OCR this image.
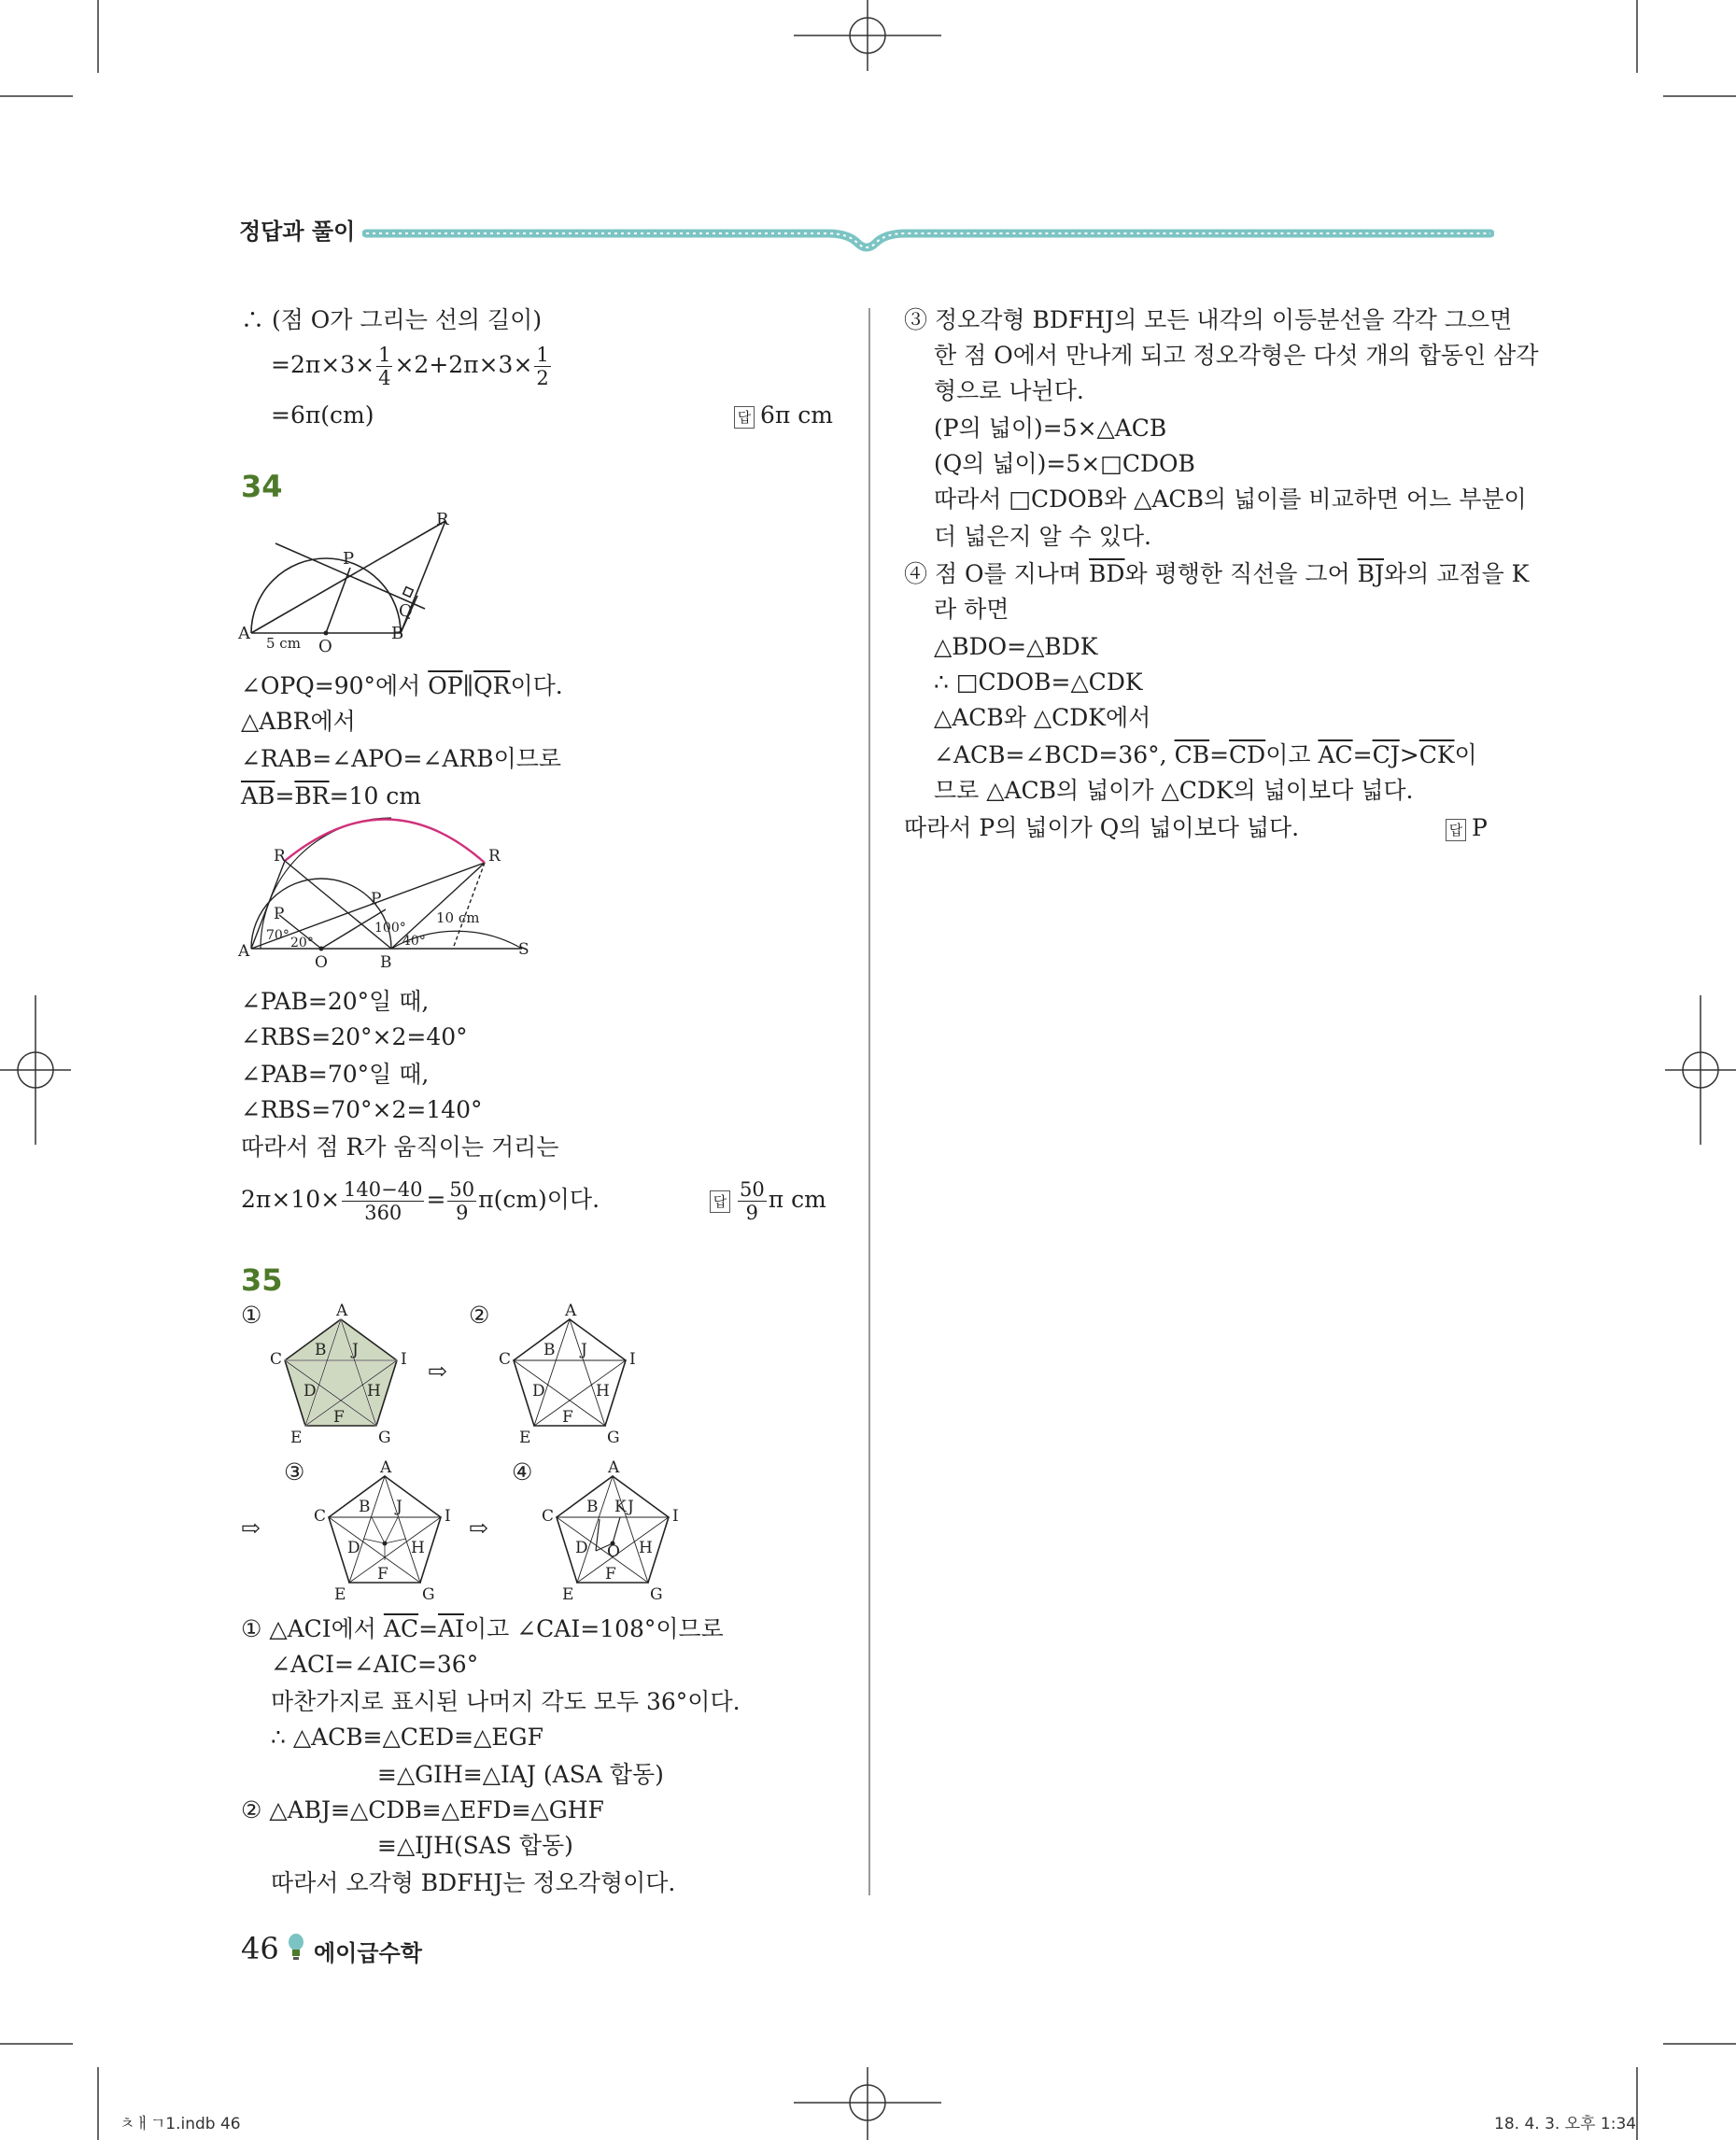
정답과 풀이
∴ (점 O가 그리는 선의 길이)
$=2\pi\times 3\times \frac{1}{4} \times 2+2\pi\times 3\times \frac{1}{2}$
=6π(cm)	답 6π cm
34
R
P
Q
A
O
B
5 cm
∠OPQ=90°에서 $\overline{OP}\parallel\overline{QR}$이다.
△ABR에서
∠RAB=∠APO=∠ARB이므로
$\overline{AB}=\overline{BR}=10$ cm
R	R
P
P
A
O	B
S
70° 20°
100°
40°
10 cm
∠PAB=20°일 때,
∠RBS=20°×2=40°
∠PAB=70°일 때,
∠RBS=70°×2=140°
따라서 점 R가 움직이는 거리는
$2\pi\times 10\times \frac{140-40}{360} = \frac{50}{9} \pi(cm)$이다.	답 $\frac{50}{9}$ π cm
35
①	②
⇨
③	④
⇨	⇨
A
C	I
E	G
B J
D	H
F
A
C	I
E	G
B J
D	H
F
A
C	I
E	G
B J
D	H
F
A
C	I
E	G
B K J
D O H
F
① △ACI에서 $\overline{AC}=\overline{AI}$이고 ∠CAI=108°이므로
∠ACI=∠AIC=36°
마찬가지로 표시된 나머지 각도 모두 36°이다.
∴ △ACB≡△CED≡△EGF
≡△GIH≡△IAJ (ASA 합동)
② △ABJ≡△CDB≡△EFD≡△GHF
≡△IJH(SAS 합동)
따라서 오각형 BDFHJ는 정오각형이다.
③ 정오각형 BDFHJ의 모든 내각의 이등분선을 각각 그으면
한 점 O에서 만나게 되고 정오각형은 다섯 개의 합동인 삼각
형으로 나뉜다.
(P의 넓이)=5×△ACB
(Q의 넓이)=5×□CDOB
따라서 □CDOB와 △ACB의 넓이를 비교하면 어느 부분이
더 넓은지 알 수 있다.
④ 점 O를 지나며 $\overline{BD}$와 평행한 직선을 그어 $\overline{BJ}$와의 교점을 K
라 하면
△BDO=△BDK
∴ □CDOB=△CDK
△ACB와 △CDK에서
∠ACB=∠BCD=36°, $\overline{CB}=\overline{CD}$이고 $\overline{AC}=\overline{CJ}>\overline{CK}$이
므로 △ACB의 넓이가 △CDK의 넓이보다 넓다.
따라서 P의 넓이가 Q의 넓이보다 넓다.	답 P
46 에이급수학
ㅊㅐㄱ1.indb 46	18. 4. 3. 오후 1:34
